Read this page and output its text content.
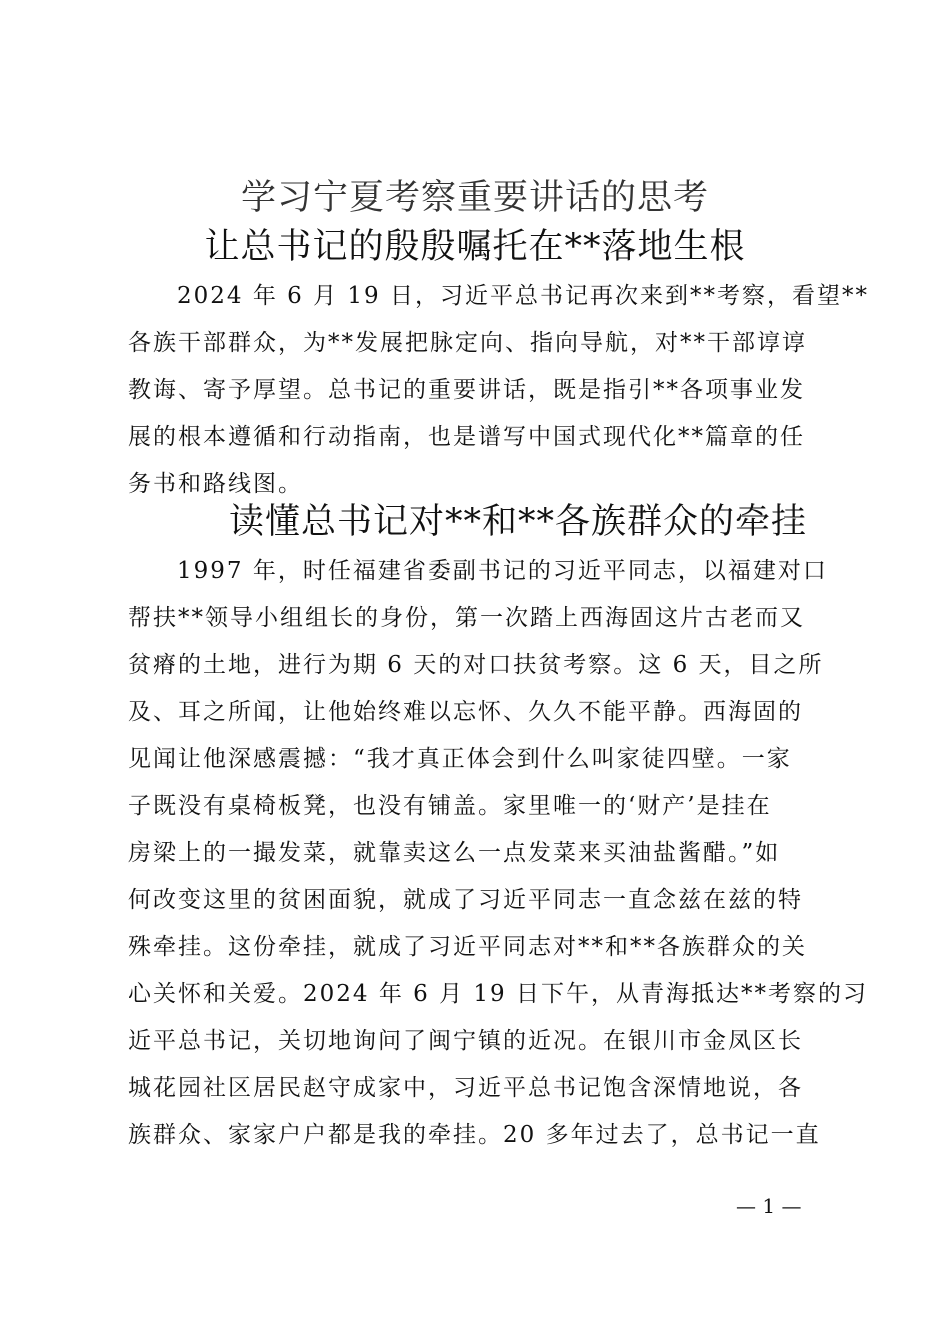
学习宁夏考察重要讲话的思考
让总书记的殷殷嘱托在**落地生根
2024 年 6 月 19 日，习近平总书记再次来到**考察，看望**
各族干部群众，为**发展把脉定向、指向导航，对**干部谆谆
教诲、寄予厚望。总书记的重要讲话，既是指引**各项事业发
展的根本遵循和行动指南，也是谱写中国式现代化**篇章的任
务书和路线图。
读懂总书记对**和**各族群众的牵挂
1997 年，时任福建省委副书记的习近平同志，以福建对口
帮扶**领导小组组长的身份，第一次踏上西海固这片古老而又
贫瘠的土地，进行为期 6 天的对口扶贫考察。这 6 天，目之所
及、耳之所闻，让他始终难以忘怀、久久不能平静。西海固的
见闻让他深感震撼：“我才真正体会到什么叫家徒四壁。一家
子既没有桌椅板凳，也没有铺盖。家里唯一的‘财产’是挂在
房梁上的一撮发菜，就靠卖这么一点发菜来买油盐酱醋。”如
何改变这里的贫困面貌，就成了习近平同志一直念兹在兹的特
殊牵挂。这份牵挂，就成了习近平同志对**和**各族群众的关
心关怀和关爱。2024 年 6 月 19 日下午，从青海抵达**考察的习
近平总书记，关切地询问了闽宁镇的近况。在银川市金凤区长
城花园社区居民赵守成家中，习近平总书记饱含深情地说，各
族群众、家家户户都是我的牵挂。20 多年过去了，总书记一直
— 1 —
